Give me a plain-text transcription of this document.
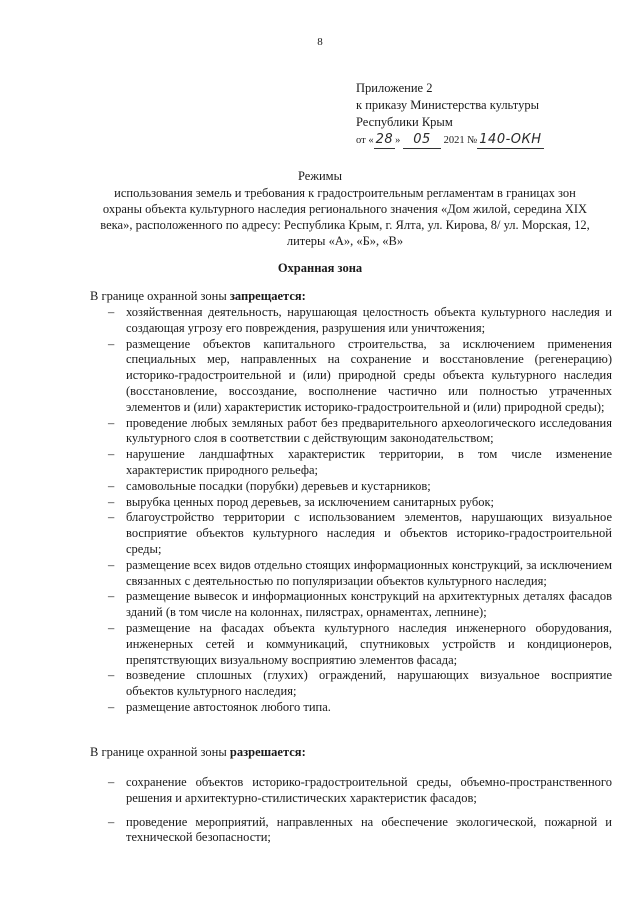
8
Приложение 2
к приказу Министерства культуры
Республики Крым
от « 28 » 05 2021 № 140-ОКН
Режимы
использования земель и требования к градостроительным регламентам в границах зон охраны объекта культурного наследия регионального значения «Дом жилой, середина XIX века», расположенного по адресу: Республика Крым, г. Ялта, ул. Кирова, 8/ ул. Морская, 12, литеры «А», «Б», «В»
Охранная зона
В границе охранной зоны запрещается:
– хозяйственная деятельность, нарушающая целостность объекта культурного наследия и создающая угрозу его повреждения, разрушения или уничтожения;
– размещение объектов капитального строительства, за исключением применения специальных мер, направленных на сохранение и восстановление (регенерацию) историко-градостроительной и (или) природной среды объекта культурного наследия (восстановление, воссоздание, восполнение частично или полностью утраченных элементов и (или) характеристик историко-градостроительной и (или) природной среды);
– проведение любых земляных работ без предварительного археологического исследования культурного слоя в соответствии с действующим законодательством;
– нарушение ландшафтных характеристик территории, в том числе изменение характеристик природного рельефа;
– самовольные посадки (порубки) деревьев и кустарников;
– вырубка ценных пород деревьев, за исключением санитарных рубок;
– благоустройство территории с использованием элементов, нарушающих визуальное восприятие объектов культурного наследия и объектов историко-градостроительной среды;
– размещение всех видов отдельно стоящих информационных конструкций, за исключением связанных с деятельностью по популяризации объектов культурного наследия;
– размещение вывесок и информационных конструкций на архитектурных деталях фасадов зданий (в том числе на колоннах, пилястрах, орнаментах, лепнине);
– размещение на фасадах объекта культурного наследия инженерного оборудования, инженерных сетей и коммуникаций, спутниковых устройств и кондиционеров, препятствующих визуальному восприятию элементов фасада;
– возведение сплошных (глухих) ограждений, нарушающих визуальное восприятие объектов культурного наследия;
– размещение автостоянок любого типа.
В границе охранной зоны разрешается:
– сохранение объектов историко-градостроительной среды, объемно-пространственного решения и архитектурно-стилистических характеристик фасадов;
– проведение мероприятий, направленных на обеспечение экологической, пожарной и технической безопасности;
